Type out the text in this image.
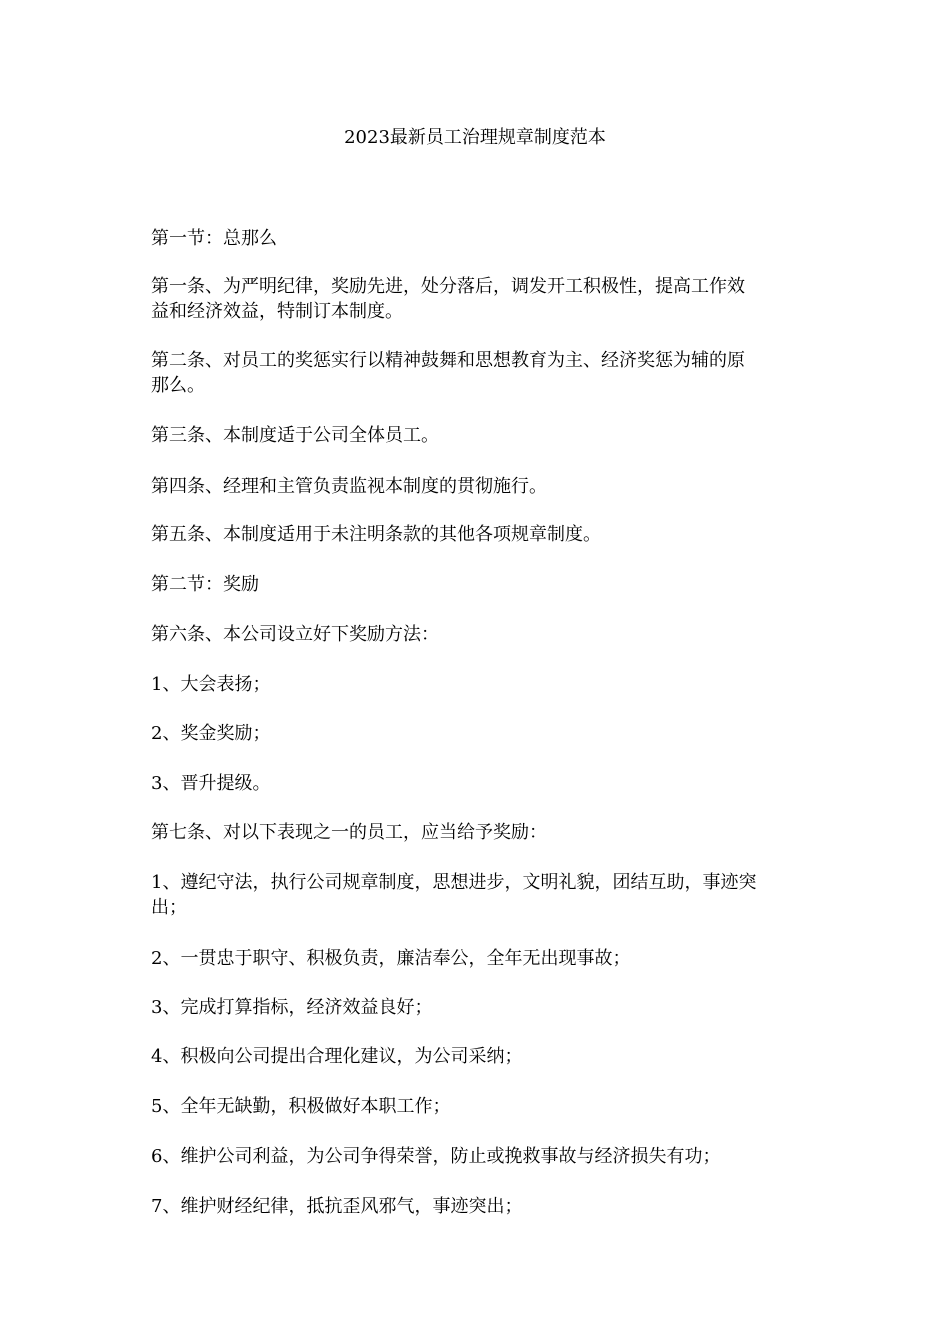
2023最新员工治理规章制度范本

第一节：总那么

第一条、为严明纪律，奖励先进，处分落后，调发开工积极性，提高工作效
益和经济效益，特制订本制度。

第二条、对员工的奖惩实行以精神鼓舞和思想教育为主、经济奖惩为辅的原
那么。

第三条、本制度适于公司全体员工。

第四条、经理和主管负责监视本制度的贯彻施行。

第五条、本制度适用于未注明条款的其他各项规章制度。

第二节：奖励

第六条、本公司设立好下奖励方法：

1、大会表扬；

2、奖金奖励；

3、晋升提级。

第七条、对以下表现之一的员工，应当给予奖励：

1、遵纪守法，执行公司规章制度，思想进步，文明礼貌，团结互助，事迹突
出；

2、一贯忠于职守、积极负责，廉洁奉公，全年无出现事故；

3、完成打算指标，经济效益良好；

4、积极向公司提出合理化建议，为公司采纳；

5、全年无缺勤，积极做好本职工作；

6、维护公司利益，为公司争得荣誉，防止或挽救事故与经济损失有功；

7、维护财经纪律，抵抗歪风邪气，事迹突出；
